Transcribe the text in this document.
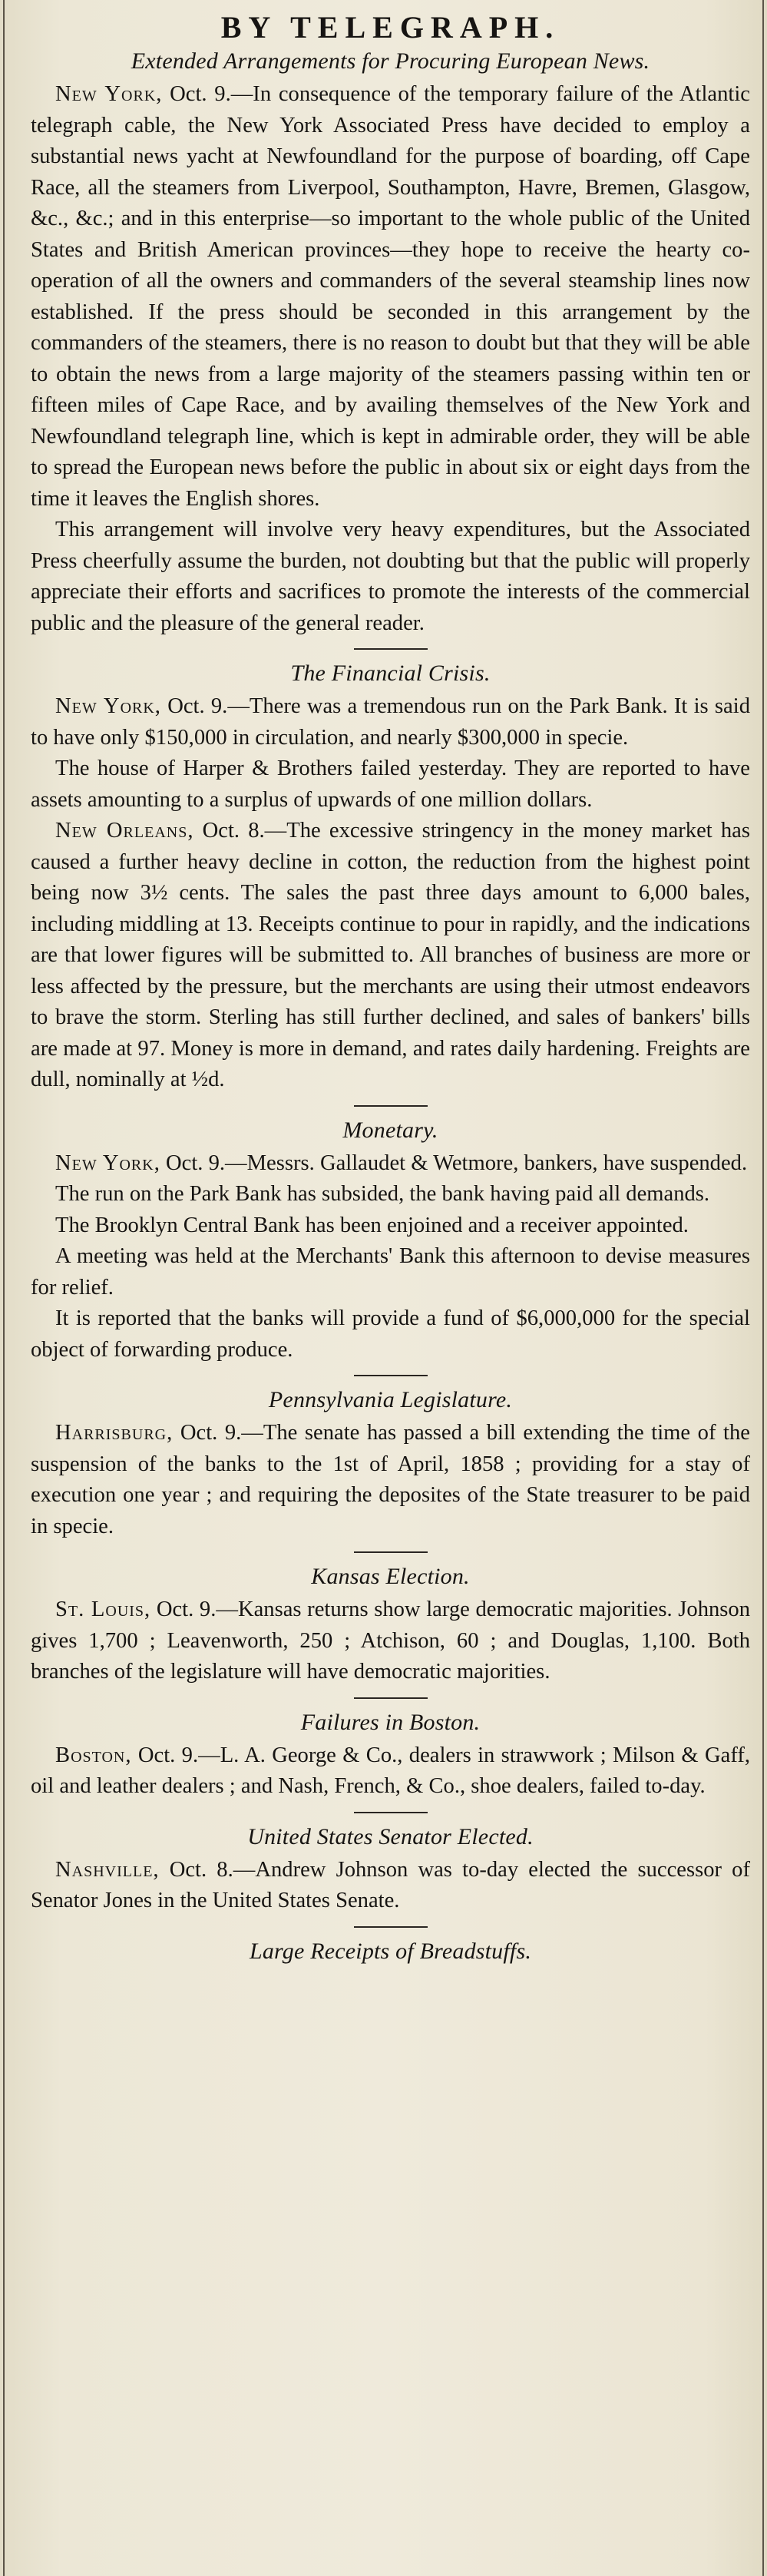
BY TELEGRAPH.
Extended Arrangements for Procuring European News.

New York, Oct. 9.—In consequence of the temporary failure of the Atlantic telegraph cable, the New York Associated Press have decided to employ a substantial news yacht at Newfoundland for the purpose of boarding, off Cape Race, all the steamers from Liverpool, Southampton, Havre, Bremen, Glasgow, &c., &c.; and in this enterprise—so important to the whole public of the United States and British American provinces—they hope to receive the hearty co-operation of all the owners and commanders of the several steamship lines now established. If the press should be seconded in this arrangement by the commanders of the steamers, there is no reason to doubt but that they will be able to obtain the news from a large majority of the steamers passing within ten or fifteen miles of Cape Race, and by availing themselves of the New York and Newfoundland telegraph line, which is kept in admirable order, they will be able to spread the European news before the public in about six or eight days from the time it leaves the English shores.

This arrangement will involve very heavy expenditures, but the Associated Press cheerfully assume the burden, not doubting but that the public will properly appreciate their efforts and sacrifices to promote the interests of the commercial public and the pleasure of the general reader.

The Financial Crisis.

New York, Oct. 9.—There was a tremendous run on the Park Bank. It is said to have only $150,000 in circulation, and nearly $300,000 in specie.

The house of Harper & Brothers failed yesterday. They are reported to have assets amounting to a surplus of upwards of one million dollars.

New Orleans, Oct. 8.—The excessive stringency in the money market has caused a further heavy decline in cotton, the reduction from the highest point being now 3½ cents. The sales the past three days amount to 6,000 bales, including middling at 13. Receipts continue to pour in rapidly, and the indications are that lower figures will be submitted to. All branches of business are more or less affected by the pressure, but the merchants are using their utmost endeavors to brave the storm. Sterling has still further declined, and sales of bankers' bills are made at 97. Money is more in demand, and rates daily hardening. Freights are dull, nominally at ½d.

Monetary.

New York, Oct. 9.—Messrs. Gallaudet & Wetmore, bankers, have suspended.

The run on the Park Bank has subsided, the bank having paid all demands.

The Brooklyn Central Bank has been enjoined and a receiver appointed.

A meeting was held at the Merchants' Bank this afternoon to devise measures for relief.

It is reported that the banks will provide a fund of $6,000,000 for the special object of forwarding produce.

Pennsylvania Legislature.

Harrisburg, Oct. 9.—The senate has passed a bill extending the time of the suspension of the banks to the 1st of April, 1858 ; providing for a stay of execution one year ; and requiring the deposites of the State treasurer to be paid in specie.

Kansas Election.

St. Louis, Oct. 9.—Kansas returns show large democratic majorities. Johnson gives 1,700 ; Leavenworth, 250 ; Atchison, 60 ; and Douglas, 1,100. Both branches of the legislature will have democratic majorities.

Failures in Boston.

Boston, Oct. 9.—L. A. George & Co., dealers in strawwork ; Milson & Gaff, oil and leather dealers ; and Nash, French, & Co., shoe dealers, failed to-day.

United States Senator Elected.

Nashville, Oct. 8.—Andrew Johnson was to-day elected the successor of Senator Jones in the United States Senate.

Large Receipts of Breadstuffs.
